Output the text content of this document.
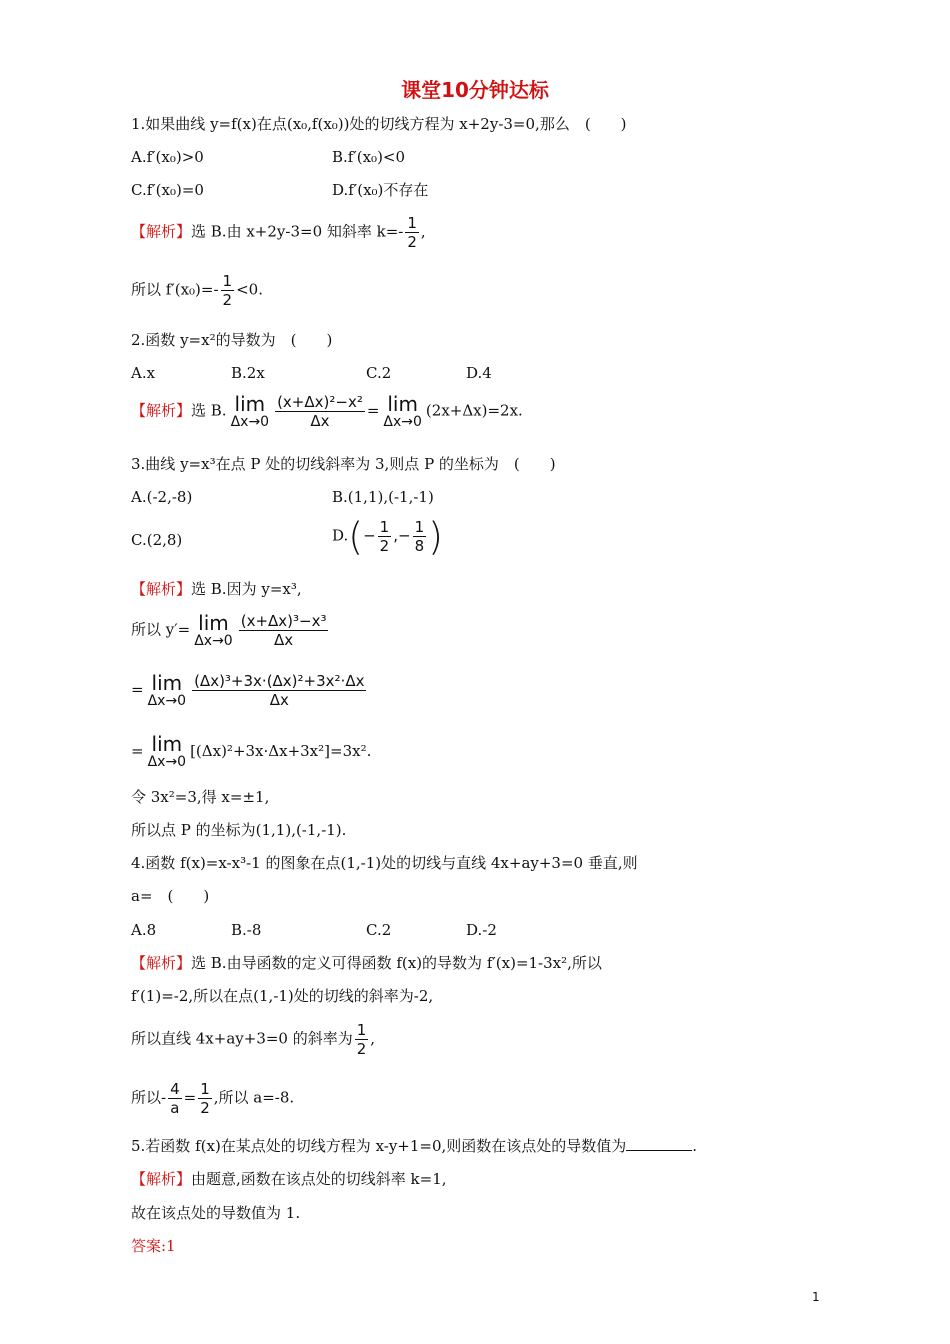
课堂10分钟达标
1.如果曲线 y=f(x)在点(x₀,f(x₀))处的切线方程为 x+2y-3=0,那么　(　　)
A.f′(x₀)>0	B.f′(x₀)<0
C.f′(x₀)=0	D.f′(x₀)不存在
【解析】选 B.由 x+2y-3=0 知斜率 $k=- \frac{1}{2}$ ,
所以 $f'(x_0)=- \frac{1}{2} <0$.
2.函数 y=x²的导数为　(　　)
A.x	B.2x	C.2	D.4
【解析】选 B. lim
$\Delta x\to 0 \frac{\text{(x+Δx)²−x²}}{\Delta x} = \lim$
Δx→0
(2x+Δx)=2x.
3.曲线 y=x³在点 P 处的切线斜率为 3,则点 P 的坐标为　(　　)
A.(-2,-8)	B.(1,1),(-1,-1)
C.(2,8)	$D.(- \frac{1}{2}$ ,− $\frac{1}{8}$ )
【解析】选 B.因为 y=x³,
所以 y′= lim
$\Delta x\to 0 \frac{\text{(x+Δx)³−x³}}{\Delta x}$
= lim
$\Delta x\to 0 \frac{\text{(Δx)³+3x·(Δx)²+3x²·Δx}}{\Delta x}$
= lim
Δx→0
[(Δx)²+3x·Δx+3x²]=3x².
令 3x²=3,得 x=±1,
所以点 P 的坐标为(1,1),(-1,-1).
4.函数 f(x)=x-x³-1 的图象在点(1,-1)处的切线与直线 4x+ay+3=0 垂直,则
a=　(　　)
A.8	B.-8	C.2	D.-2
【解析】选 B.由导函数的定义可得函数 f(x)的导数为 f′(x)=1-3x²,所以
f′(1)=-2,所以在点(1,-1)处的切线的斜率为-2,
所以直线 4x+ay+3=0 的斜率为 $\frac{1}{2}$ ,
所以- $\frac{4}{a} = \frac{1}{2}$ ,所以 a=-8.
5.若函数 f(x)在某点处的切线方程为 x-y+1=0,则函数在该点处的导数值为	.
【解析】由题意,函数在该点处的切线斜率 k=1,
故在该点处的导数值为 1.
答案:1
1
